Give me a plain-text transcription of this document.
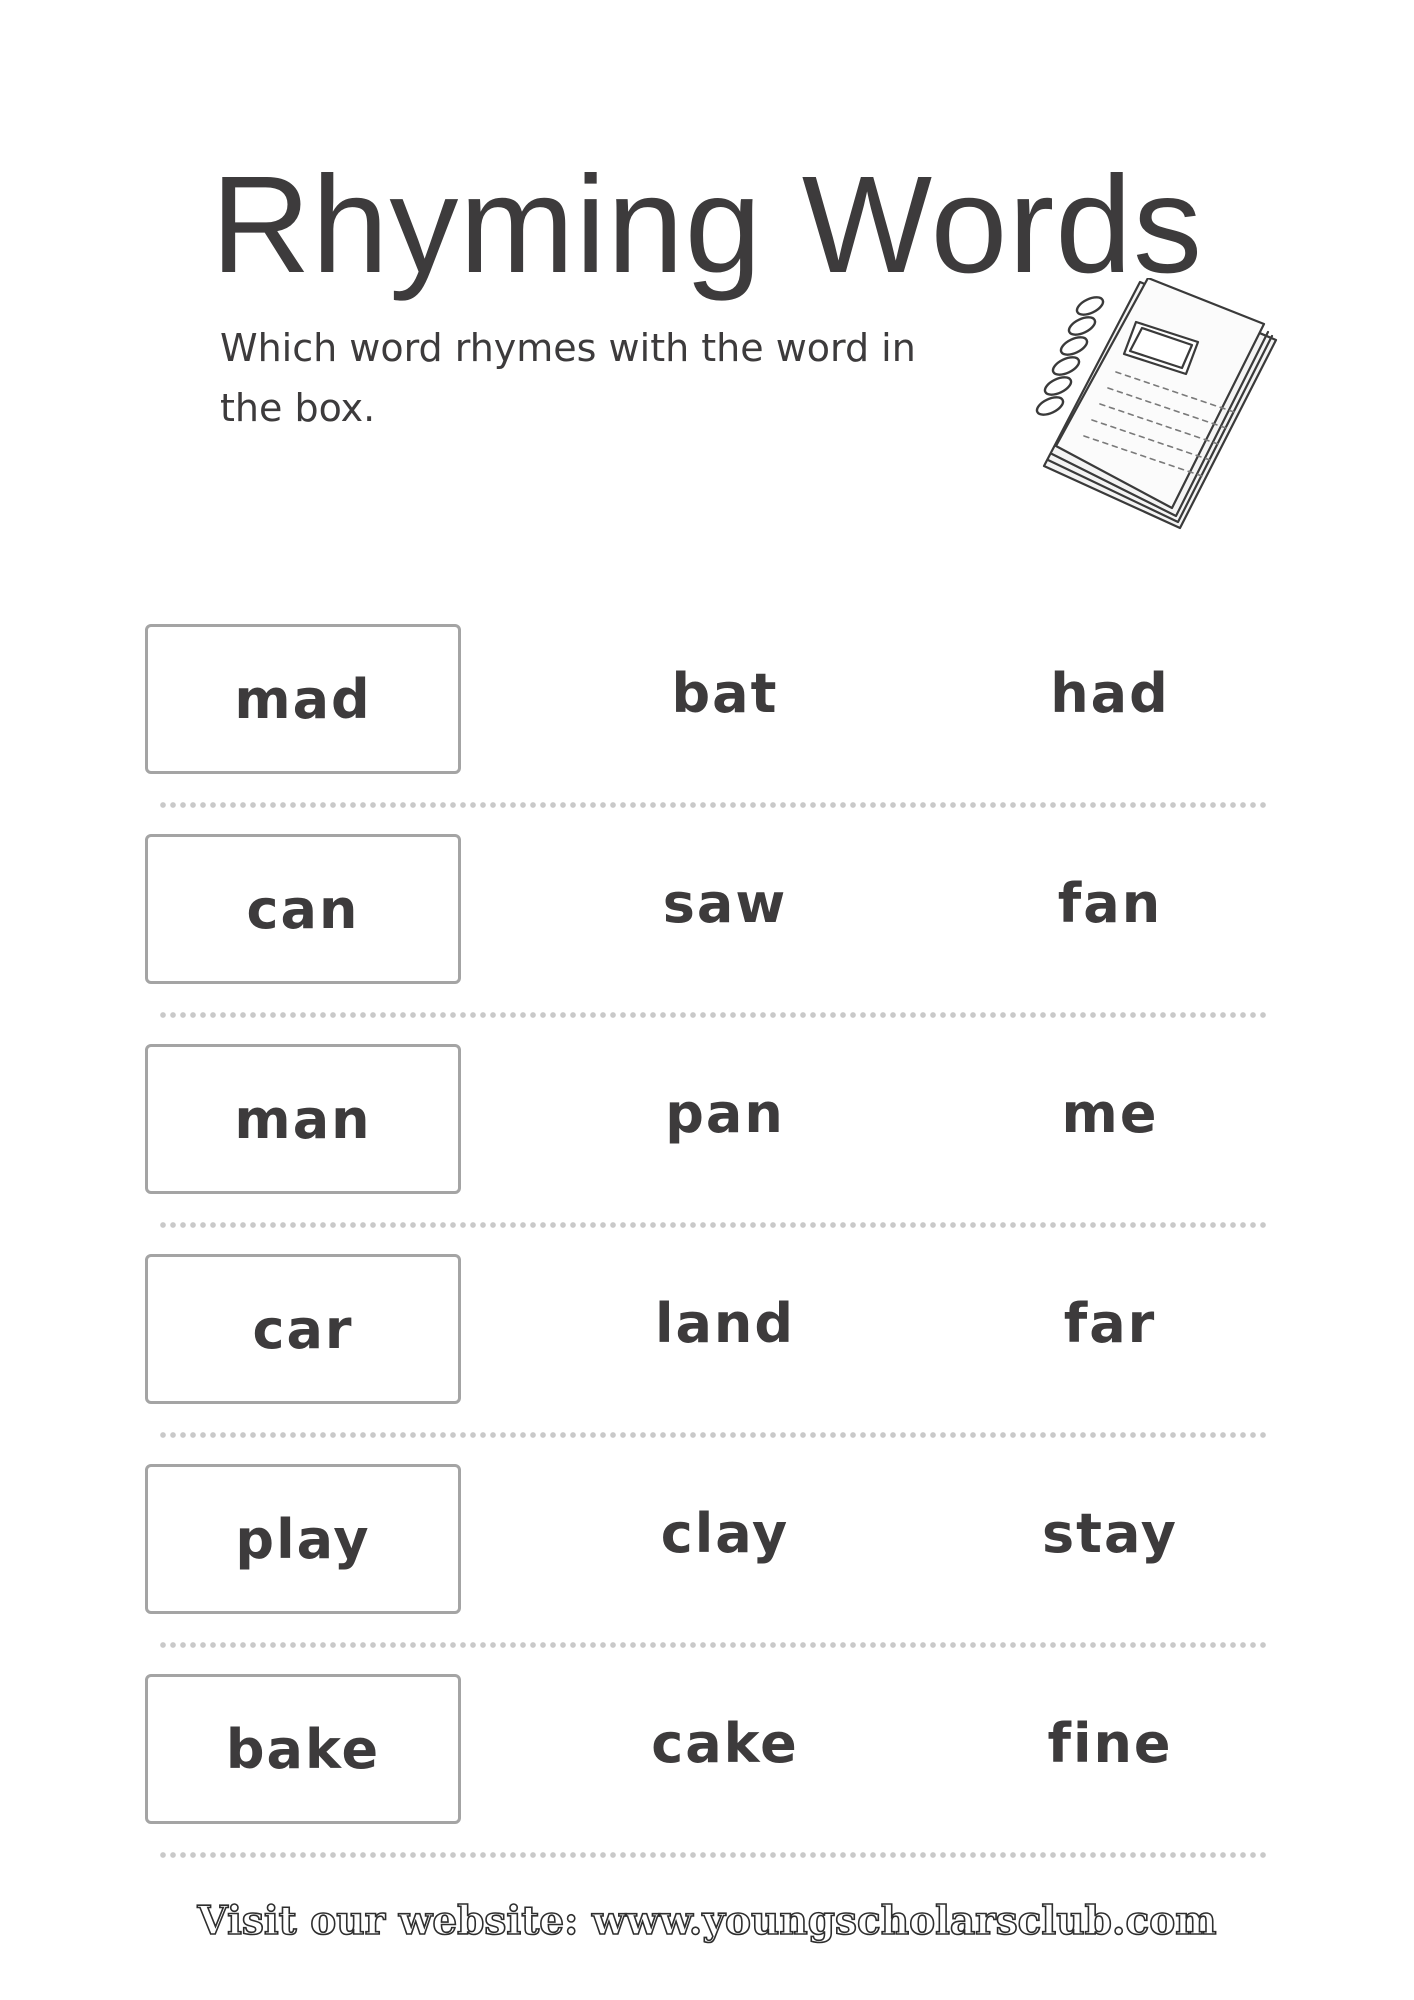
Rhyming Words
Which word rhymes with the word in the box.
mad	bat	had
can	saw	fan
man	pan	me
car	land	far
play	clay	stay
bake	cake	fine
Visit our website: www.youngscholarsclub.com
